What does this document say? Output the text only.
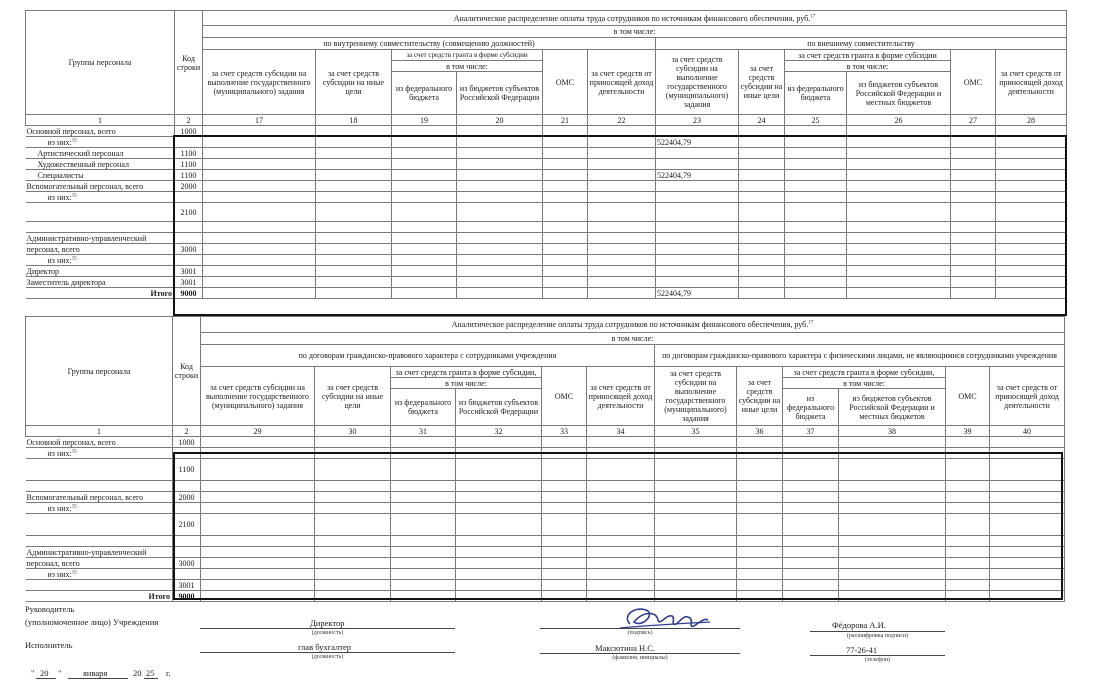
Группы персонала	Код строки	Аналитическое распределение оплаты труда сотрудников по источникам финансового обеспечения, руб.$^{17}$
		в том числе:											
		по внутреннему совместительству (совмещению должностей)						по внешнему совместительству					
		за счет средств субсидии на выполнение государственного (муниципального) задания	за счет средств субсидии на иные цели	за счет средств гранта в форме субсидии		ОМС	за счет средств от приносящей доход деятельности	за счет средств субсидии на выполнение государственного (муниципального) задания	за счет средств субсидии на иные цели	за счет средств гранта в форме субсидии		ОМС	за счет средств от приносящей доход деятельности
				в том числе:						в том числе:			
				из федерального бюджета	из бюджетов субъектов Российской Федерации					из федерального бюджета	из бюджетов субъектов Российской Федерации и местных бюджетов		
1	2	17	18	19	20	21	22	23	24	25	26	27	28
Основной персонал, всего	1000												
из них:$^{15}$								522404,79					
Артистический персонал	1100												
Художественный персонал	1100												
Специалисты	1100							522404,79					
Вспомогательный персонал, всего	2000												
из них:$^{15}$													
	2100												

Административно-управленческий													
персонал, всего	3000												
из них:$^{15}$													
Директор	3001												
Заместитель директора	3001												
Итого	9000							522404,79					
Группы персонала	Код строки	Аналитическое распределение оплаты труда сотрудников по источникам финансового обеспечения, руб.$^{17}$
		в том числе:											
		по договорам гражданско-правового характера с сотрудниками учреждения						по договорам гражданско-правового характера с физическими лицами, не являющимися сотрудниками учреждения					
		за счет средств субсидии на выполнение государственного (муниципального) задания	за счет средств субсидии на иные цели	за счет средств гранта в форме субсидии,		ОМС	за счет средств от приносящей доход деятельности	за счет средств субсидии на выполнение государственного (муниципального) задания	за счет средств субсидии на иные цели	за счет средств гранта в форме субсидии,		ОМС	за счет средств от приносящей доход деятельности
				в том числе:						в том числе:			
				из федерального бюджета	из бюджетов субъектов Российской Федерации					из федерального бюджета	из бюджетов субъектов Российской Федерации и местных бюджетов		
1	2	29	30	31	32	33	34	35	36	37	38	39	40
Основной персонал, всего	1000												
из них:$^{15}$													
	1100												

Вспомогательный персонал, всего	2000												
из них:$^{15}$													
	2100												

Административно-управленческий													
персонал, всего	3000												
из них:$^{15}$													
	3001												
Итого	9000												
Руководитель
(уполномоченное лицо) Учреждения	Директор
(должность)	(подпись)
Фёдорова А.И.
(расшифровка подписи)
Исполнитель	глав бухгалтер
(должность)
Максютина Н.С.
(фамилия, инициалы)
77-26-41
(телефон)
" 20 "	января	20 25 г.
